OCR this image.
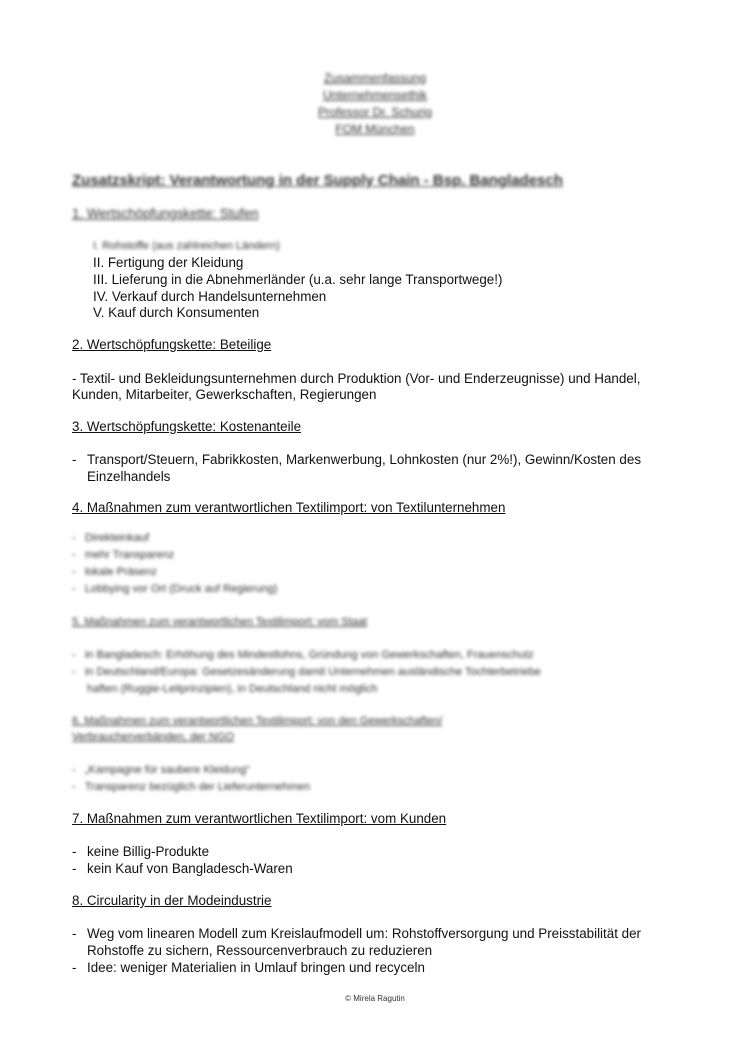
Zusammenfassung
Unternehmensethik
Professor Dr. Schurig
FOM München
Zusatzskript: Verantwortung in der Supply Chain - Bsp. Bangladesch
1. Wertschöpfungskette: Stufen
I. Rohstoffe (aus zahlreichen Ländern)
II. Fertigung der Kleidung
III. Lieferung in die Abnehmerländer (u.a. sehr lange Transportwege!)
IV. Verkauf durch Handelsunternehmen
V. Kauf durch Konsumenten
2. Wertschöpfungskette: Beteilige
- Textil- und Bekleidungsunternehmen durch Produktion (Vor- und Enderzeugnisse) und Handel,
Kunden, Mitarbeiter, Gewerkschaften, Regierungen
3. Wertschöpfungskette: Kostenanteile
- Transport/Steuern, Fabrikkosten, Markenwerbung, Lohnkosten (nur 2%!), Gewinn/Kosten des
Einzelhandels
4. Maßnahmen zum verantwortlichen Textilimport: von Textilunternehmen
- Direkteinkauf
- mehr Transparenz
- lokale Präsenz
- Lobbying vor Ort (Druck auf Regierung)
5. Maßnahmen zum verantwortlichen Textilimport: vom Staat
- in Bangladesch: Erhöhung des Mindestlohns, Gründung von Gewerkschaften, Frauenschutz
- in Deutschland/Europa: Gesetzesänderung damit Unternehmen ausländische Tochterbetriebe
haften (Ruggie-Leitprinzipien), in Deutschland nicht möglich
6. Maßnahmen zum verantwortlichen Textilimport: von den Gewerkschaften/
Verbraucherverbänden, der NGO
- „Kampagne für saubere Kleidung“
- Transparenz bezüglich der Lieferunternehmen
7. Maßnahmen zum verantwortlichen Textilimport: vom Kunden
- keine Billig-Produkte
- kein Kauf von Bangladesch-Waren
8. Circularity in der Modeindustrie
- Weg vom linearen Modell zum Kreislaufmodell um: Rohstoffversorgung und Preisstabilität der
Rohstoffe zu sichern, Ressourcenverbrauch zu reduzieren
- Idee: weniger Materialien in Umlauf bringen und recyceln
© Mirela Ragutin
